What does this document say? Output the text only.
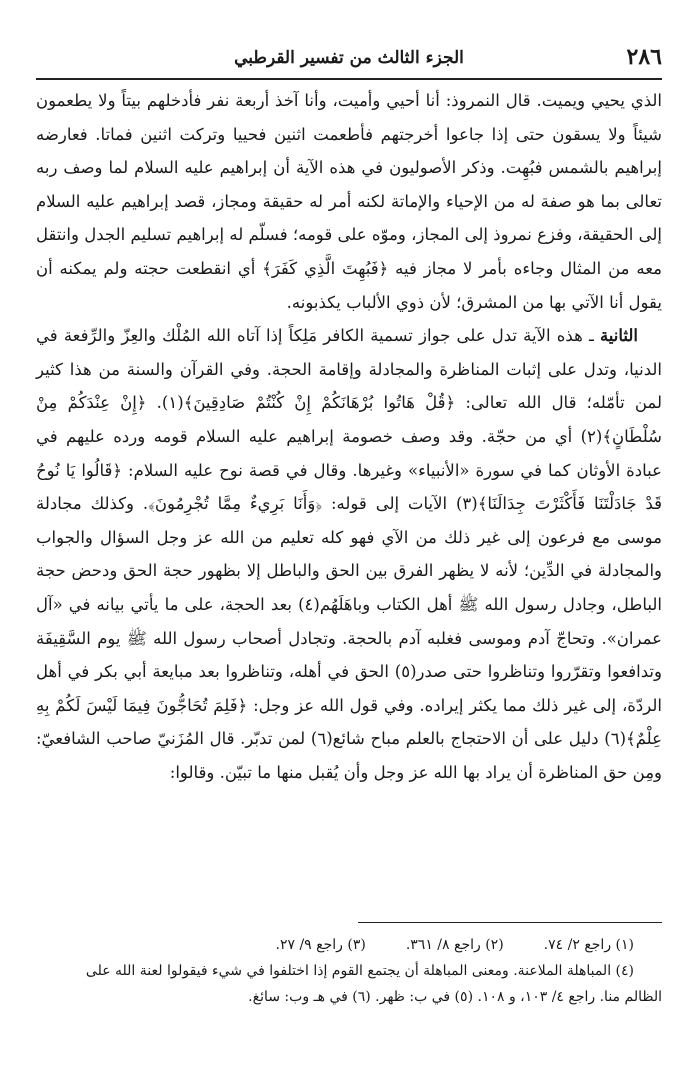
٢٨٦
الجزء الثالث من تفسير القرطبي

الذي يحيي ويميت. قال النمروذ: أنا أحيي وأميت، وأنا آخذ أربعة نفر فأدخلهم بيتاً ولا يطعمون شيئاً ولا يسقون حتى إذا جاعوا أخرجتهم فأطعمت اثنين فحييا وتركت اثنين فماتا. فعارضه إبراهيم بالشمس فبُهِت. وذكر الأصوليون في هذه الآية أن إبراهيم عليه السلام لما وصف ربه تعالى بما هو صفة له من الإحياء والإماتة لكنه أمر له حقيقة ومجاز، قصد إبراهيم عليه السلام إلى الحقيقة، وفزع نمروذ إلى المجاز، وموّه على قومه؛ فسلّم له إبراهيم تسليم الجدل وانتقل معه من المثال وجاءه بأمر لا مجاز فيه ﴿فَبُهِتَ الَّذِي كَفَرَ﴾ أي انقطعت حجته ولم يمكنه أن يقول أنا الآتي بها من المشرق؛ لأن ذوي الألباب يكذبونه.

الثانية ـ هذه الآية تدل على جواز تسمية الكافر مَلِكاً إذا آتاه الله المُلْك والعِزّ والرِّفعة في الدنيا، وتدل على إثبات المناظرة والمجادلة وإقامة الحجة. وفي القرآن والسنة من هذا كثير لمن تأمّله؛ قال الله تعالى: ﴿قُلْ هَاتُوا بُرْهَانَكُمْ إِنْ كُنْتُمْ صَادِقِينَ﴾(١). ﴿إِنْ عِنْدَكُمْ مِنْ سُلْطَانٍ﴾(٢) أي من حجّة. وقد وصف خصومة إبراهيم عليه السلام قومه ورده عليهم في عبادة الأوثان كما في سورة «الأنبياء» وغيرها. وقال في قصة نوح عليه السلام: ﴿قَالُوا يَا نُوحُ قَدْ جَادَلْتَنَا فَأَكْثَرْتَ جِدَالَنَا﴾(٣) الآيات إلى قوله: ﴿وَأَنَا بَرِيءٌ مِمَّا تُجْرِمُونَ﴾. وكذلك مجادلة موسى مع فرعون إلى غير ذلك من الآي فهو كله تعليم من الله عز وجل السؤال والجواب والمجادلة في الدِّين؛ لأنه لا يظهر الفرق بين الحق والباطل إلا بظهور حجة الحق ودحض حجة الباطل، وجادل رسول الله ﷺ أهل الكتاب وباهَلَهُم(٤) بعد الحجة، على ما يأتي بيانه في «آل عمران». وتحاجّ آدم وموسى فغلبه آدم بالحجة. وتجادل أصحاب رسول الله ﷺ يوم السَّقِيفَة وتدافعوا وتقرّروا وتناظروا حتى صدر(٥) الحق في أهله، وتناظروا بعد مبايعة أبي بكر في أهل الردّة، إلى غير ذلك مما يكثر إيراده. وفي قول الله عز وجل: ﴿فَلِمَ تُحَاجُّونَ فِيمَا لَيْسَ لَكُمْ بِهِ عِلْمٌ﴾(٦) دليل على أن الاحتجاج بالعلم مباح شائع(٦) لمن تدبّر. قال المُزَنيّ صاحب الشافعيّ: ومِن حق المناظرة أن يراد بها الله عز وجل وأن يُقبل منها ما تبيّن. وقالوا:

(١) راجع ٢/ ٧٤.
(٢) راجع ٨/ ٣٦١.
(٣) راجع ٩/ ٢٧.
(٤) المباهلة الملاعنة. ومعنى المباهلة أن يجتمع القوم إذا اختلفوا في شيء فيقولوا لعنة الله على
الظالم منا. راجع ٤/ ١٠٣، و ١٠٨. (٥) في ب: ظهر. (٦) في هـ وب: سائغ.
